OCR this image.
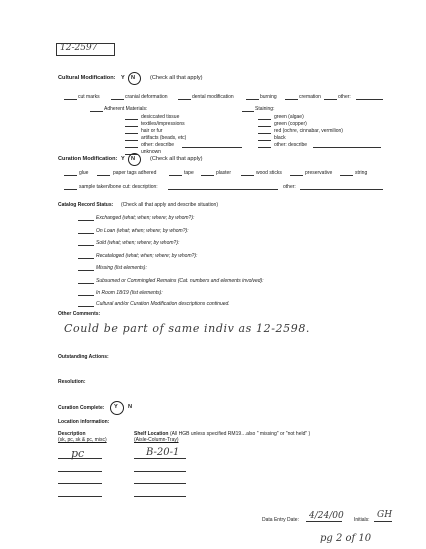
12-2597
Cultural Modification: Y N	(Check all that apply)
cut marks	cranial deformation	dental modification	burning	cremation	other:
Adherent Materials:	Staining:
desiccated tissue
textiles/impressions
hair or fur
artifacts (beads, etc)
other: describe
unknown
green (algae)
green (copper)
red (ochre, cinnabar, vermilion)
black
other: describe
Curation Modification: Y N	(Check all that apply)
glue	paper tags adhered	tape	plaster	wood sticks	preservative	string
sample taken/bone cut: description:	other:
Catalog Record Status: (Check all that apply and describe situation)
Exchanged (what; when; where; by whom?):
On Loan (what; when; where; by whom?):
Sold (what; when; where; by whom?):
Recataloged (what; when; where; by whom?):
Missing (list elements):
Subsumed or Commingled Remains (Cat. numbers and elements involved):
In Room 18/19 (list elements):
Cultural and/or Curation Modification descriptions continued.
Other Comments:
Could be part of same indiv as 12-2598.
Outstanding Actions:
Resolution:
Curation Complete: Y N
Location information:
Description
(sk, pc, sk & pc, misc)
Shelf Location (All HGB unless specified RM19…also " missing" or "not held" )
(Aisle-Column-Tray)
pc	B-20-1
Data Entry Date: 4/24/00 Initials: GH
pg 2 of 10
